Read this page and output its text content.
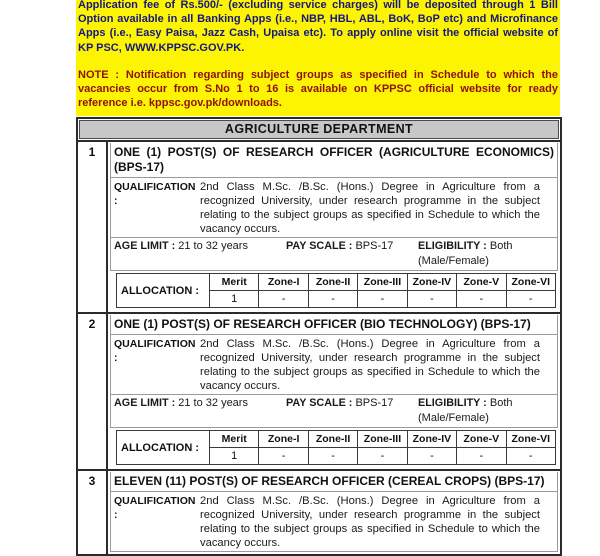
Application fee of Rs.500/- (excluding service charges) will be deposited through 1 Bill Option available in all Banking Apps (i.e., NBP, HBL, ABL, BoK, BoP etc) and Microfinance Apps (i.e., Easy Paisa, Jazz Cash, Upaisa etc). To apply online visit the official website of KP PSC, WWW.KPPSC.GOV.PK.

NOTE : Notification regarding subject groups as specified in Schedule to which the vacancies occur from S.No 1 to 16 is available on KPPSC official website for ready reference i.e. kppsc.gov.pk/downloads.

AGRICULTURE DEPARTMENT
1	ONE (1) POST(S) OF RESEARCH OFFICER (AGRICULTURE ECONOMICS) (BPS-17)
QUALIFICATION :
2nd Class M.Sc. /B.Sc. (Hons.) Degree in Agriculture from a recognized University, under research programme in the subject relating to the subject groups as specified in Schedule to which the vacancy occurs.
AGE LIMIT : 21 to 32 years	PAY SCALE : BPS-17	ELIGIBILITY : Both (Male/Female)
ALLOCATION :	Merit	Zone-I	Zone-II	Zone-III	Zone-IV	Zone-V	Zone-VI
	1	-	-	-	-	-	-
2	ONE (1) POST(S) OF RESEARCH OFFICER (BIO TECHNOLOGY) (BPS-17)
QUALIFICATION :
2nd Class M.Sc. /B.Sc. (Hons.) Degree in Agriculture from a recognized University, under research programme in the subject relating to the subject groups as specified in Schedule to which the vacancy occurs.
AGE LIMIT : 21 to 32 years	PAY SCALE : BPS-17	ELIGIBILITY : Both (Male/Female)
ALLOCATION :	Merit	Zone-I	Zone-II	Zone-III	Zone-IV	Zone-V	Zone-VI
	1	-	-	-	-	-	-
3	ELEVEN (11) POST(S) OF RESEARCH OFFICER (CEREAL CROPS) (BPS-17)
QUALIFICATION :
2nd Class M.Sc. /B.Sc. (Hons.) Degree in Agriculture from a recognized University, under research programme in the subject relating to the subject groups as specified in Schedule to which the vacancy occurs.
